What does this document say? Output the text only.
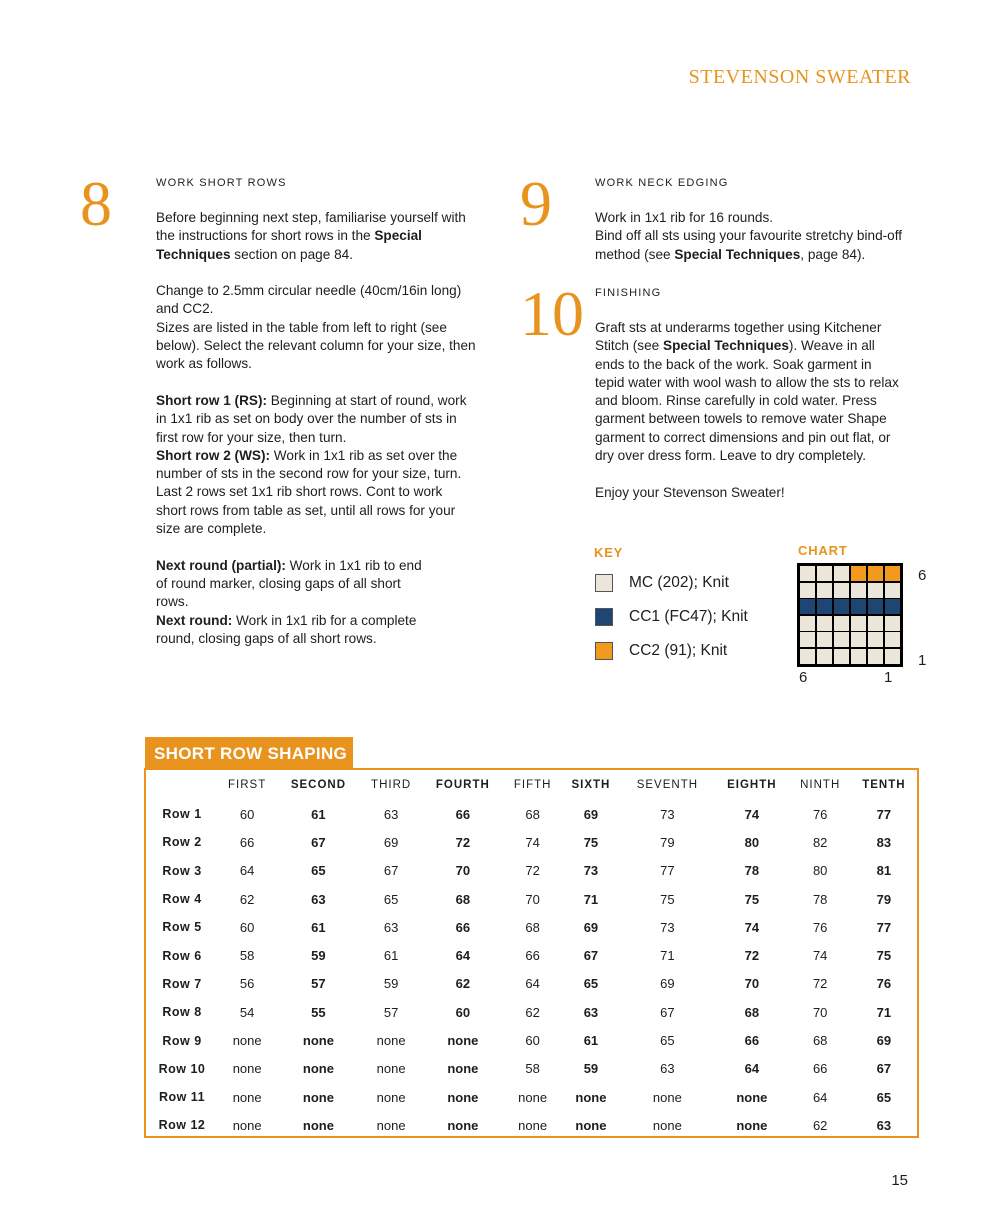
STEVENSON SWEATER
8	WORK SHORT ROWS

Before beginning next step, familiarise yourself with the instructions for short rows in the Special Techniques section on page 84.

Change to 2.5mm circular needle (40cm/16in long) and CC2.
Sizes are listed in the table from left to right (see below). Select the relevant column for your size, then work as follows.

Short row 1 (RS): Beginning at start of round, work in 1x1 rib as set on body over the number of sts in first row for your size, then turn.

Short row 2 (WS): Work in 1x1 rib as set over the number of sts in the second row for your size, turn.

Last 2 rows set 1x1 rib short rows. Cont to work short rows from table as set, until all rows for your size are complete.

Next round (partial): Work in 1x1 rib to end of round marker, closing gaps of all short rows.

Next round: Work in 1x1 rib for a complete round, closing gaps of all short rows.

9	WORK NECK EDGING

Work in 1x1 rib for 16 rounds.

Bind off all sts using your favourite stretchy bind-off method (see Special Techniques, page 84).

10 FINISHING

Graft sts at underarms together using Kitchener Stitch (see Special Techniques). Weave in all ends to the back of the work. Soak garment in tepid water with wool wash to allow the sts to relax and bloom. Rinse carefully in cold water. Press garment between towels to remove water Shape garment to correct dimensions and pin out flat, or dry over dress form. Leave to dry completely.

Enjoy your Stevenson Sweater!

KEY
MC (202); Knit
CC1 (FC47); Knit
CC2 (91); Knit
CHART
6
1
6	1
SHORT ROW SHAPING
	FIRST	SECOND	THIRD	FOURTH	FIFTH	SIXTH	SEVENTH	EIGHTH	NINTH	TENTH
Row 1	60	61	63	66	68	69	73	74	76	77
Row 2	66	67	69	72	74	75	79	80	82	83
Row 3	64	65	67	70	72	73	77	78	80	81
Row 4	62	63	65	68	70	71	75	75	78	79
Row 5	60	61	63	66	68	69	73	74	76	77
Row 6	58	59	61	64	66	67	71	72	74	75
Row 7	56	57	59	62	64	65	69	70	72	76
Row 8	54	55	57	60	62	63	67	68	70	71
Row 9	none	none	none	none	60	61	65	66	68	69
Row 10	none	none	none	none	58	59	63	64	66	67
Row 11	none	none	none	none	none	none	none	none	64	65
Row 12	none	none	none	none	none	none	none	none	62	63
15
